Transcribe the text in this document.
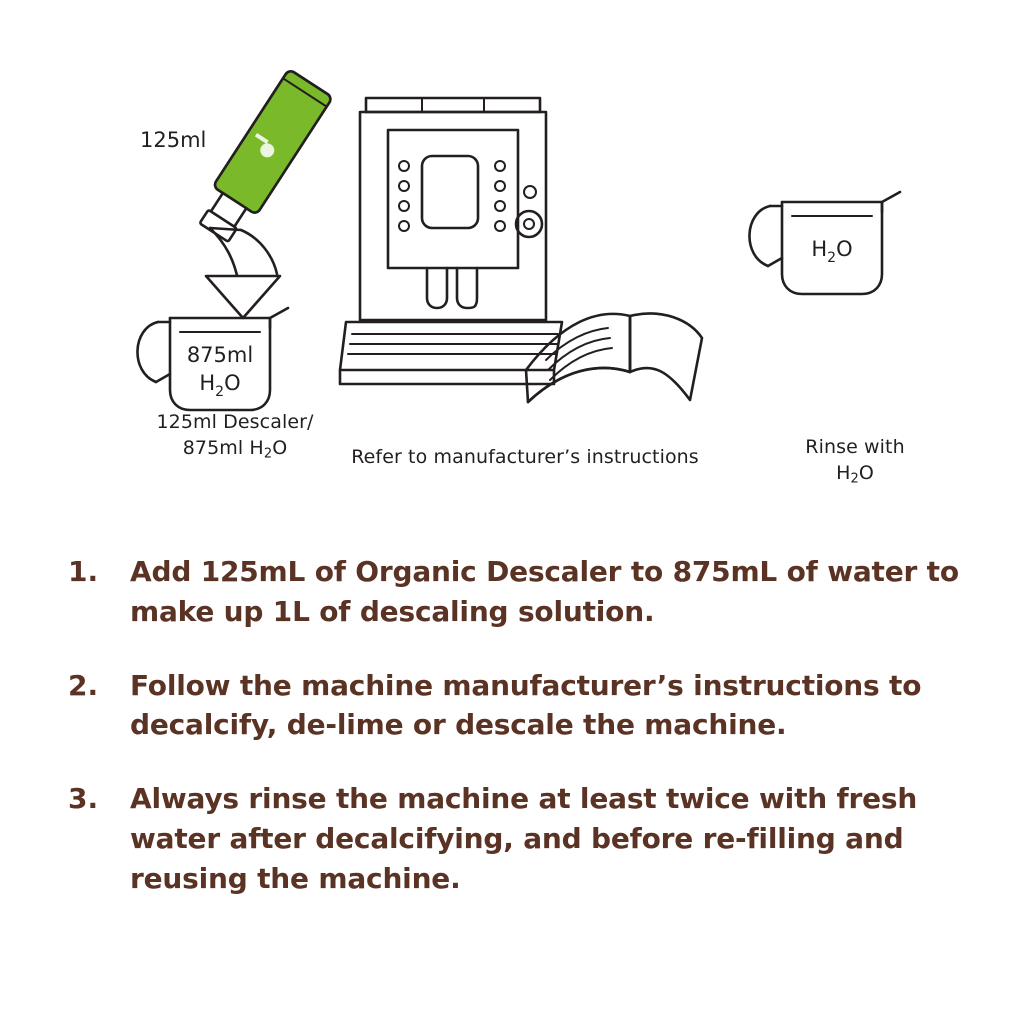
125ml
875ml
$H_2O$
125ml Descaler/
875ml $H_2O$	Refer to manufacturer’s instructions
$H_2O$
Rinse with
$H_2O$
1.	Add 125mL of Organic Descaler to 875mL of water to make up 1L of descaling solution.
2.	Follow the machine manufacturer’s instructions to decalcify, de-lime or descale the machine.
3.	Always rinse the machine at least twice with fresh water after decalcifying, and before re-filling and reusing the machine.
